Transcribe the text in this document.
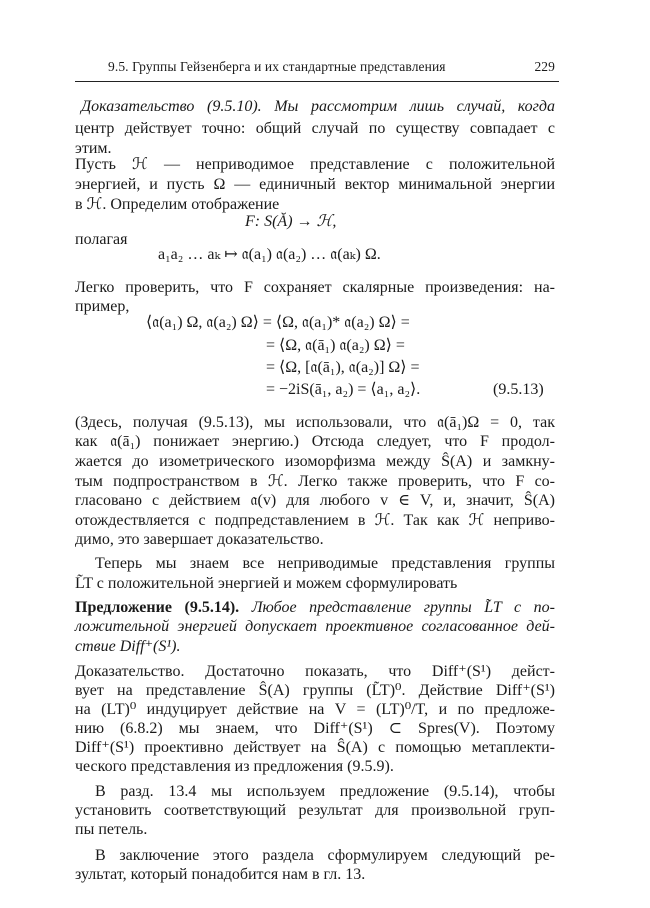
9.5. Группы Гейзенберга и их стандартные представления	229
Доказательство (9.5.10). Мы рассмотрим лишь случай, когда
центр действует точно: общий случай по существу совпадает с
этим.
Пусть ℋ — неприводимое представление с положительной
энергией, и пусть Ω — единичный вектор минимальной энергии
в ℋ. Определим отображение
F: S(Ă) → ℋ,
полагая
a₁a₂ … aₖ ↦ 𝔞(a₁) 𝔞(a₂) … 𝔞(aₖ) Ω.
Легко проверить, что F сохраняет скалярные произведения: на-
пример,
⟨𝔞(a₁) Ω, 𝔞(a₂) Ω⟩ = ⟨Ω, 𝔞(a₁)* 𝔞(a₂) Ω⟩ =
= ⟨Ω, 𝔞(ā₁) 𝔞(a₂) Ω⟩ =
= ⟨Ω, [𝔞(ā₁), 𝔞(a₂)] Ω⟩ =
= −2iS(ā₁, a₂) = ⟨a₁, a₂⟩.	(9.5.13)
(Здесь, получая (9.5.13), мы использовали, что 𝔞(ā₁)Ω = 0, так
как 𝔞(ā₁) понижает энергию.) Отсюда следует, что F продол-
жается до изометрического изоморфизма между Ŝ(A) и замкну-
тым подпространством в ℋ. Легко также проверить, что F со-
гласовано с действием 𝔞(v) для любого v ∈ V, и, значит, Ŝ(A)
отождествляется с подпредставлением в ℋ. Так как ℋ неприво-
димо, это завершает доказательство.
Теперь мы знаем все неприводимые представления группы
L̃T с положительной энергией и можем сформулировать
Предложение (9.5.14). Любое представление группы L̃T с по-
ложительной энергией допускает проективное согласованное дей-
ствие Diff⁺(S¹).
Доказательство. Достаточно показать, что Diff⁺(S¹) дейст-
вует на представление Ŝ(A) группы (L̃T)⁰. Действие Diff⁺(S¹)
на (LT)⁰ индуцирует действие на V = (LT)⁰/T, и по предложе-
нию (6.8.2) мы знаем, что Diff⁺(S¹) ⊂ Spres(V). Поэтому
Diff⁺(S¹) проективно действует на Ŝ(A) с помощью метаплекти-
ческого представления из предложения (9.5.9).
В разд. 13.4 мы используем предложение (9.5.14), чтобы
установить соответствующий результат для произвольной груп-
пы петель.
В заключение этого раздела сформулируем следующий ре-
зультат, который понадобится нам в гл. 13.
